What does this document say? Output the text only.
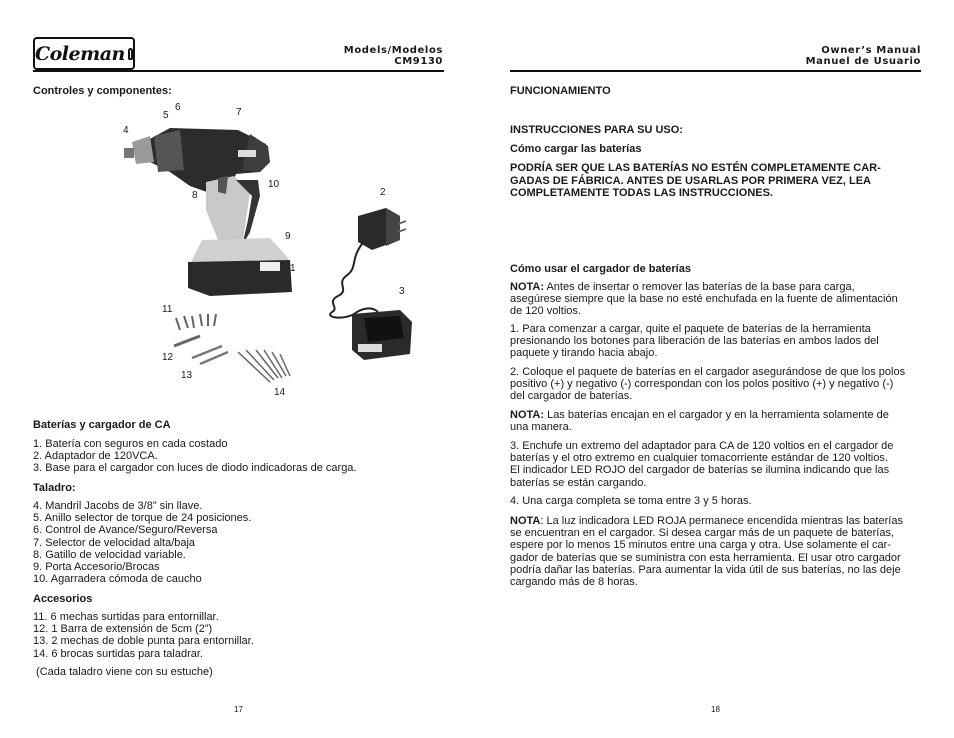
Coleman	Models/Modelos
CM9130
Controles y componentes:
1
2
3
4
5
6	7
8
9
10
11
12
13
14
Baterías y cargador de CA
1. Batería con seguros en cada costado
2. Adaptador de 120VCA.
3. Base para el cargador con luces de diodo indicadoras de carga.
Taladro:
4. Mandril Jacobs de 3/8” sin llave.
5. Anillo selector de torque de 24 posiciones.
6. Control de Avance/Seguro/Reversa
7. Selector de velocidad alta/baja
8. Gatillo de velocidad variable.
9. Porta Accesorio/Brocas
10. Agarradera cómoda de caucho
Accesorios
11. 6 mechas surtidas para entornillar.
12. 1 Barra de extensión de 5cm (2”)
13. 2 mechas de doble punta para entornillar.
14. 6 brocas surtidas para taladrar.
(Cada taladro viene con su estuche)
17
Owner’s Manual
Manuel de Usuario
FUNCIONAMIENTO
INSTRUCCIONES PARA SU USO:
Cómo cargar las baterías
PODRÍA SER QUE LAS BATERÍAS NO ESTÉN COMPLETAMENTE CAR-
GADAS DE FÁBRICA. ANTES DE USARLAS POR PRIMERA VEZ, LEA
COMPLETAMENTE TODAS LAS INSTRUCCIONES.
Cómo usar el cargador de baterías
NOTA: Antes de insertar o remover las baterías de la base para carga,
asegúrese siempre que la base no esté enchufada en la fuente de alimentación
de 120 voltios.
1. Para comenzar a cargar, quite el paquete de baterías de la herramienta
presionando los botones para liberación de las baterías en ambos lados del
paquete y tirando hacia abajo.
2. Coloque el paquete de baterías en el cargador asegurándose de que los polos
positivo (+) y negativo (-) correspondan con los polos positivo (+) y negativo (-)
del cargador de baterías.
NOTA: Las baterías encajan en el cargador y en la herramienta solamente de
una manera.
3. Enchufe un extremo del adaptador para CA de 120 voltios en el cargador de
baterías y el otro extremo en cualquier tomacorriente estándar de 120 voltios.
El indicador LED ROJO del cargador de baterías se ilumina indicando que las
baterías se están cargando.
4. Una carga completa se toma entre 3 y 5 horas.
NOTA: La luz indicadora LED ROJA permanece encendida mientras las baterías
se encuentran en el cargador. Si desea cargar más de un paquete de baterías,
espere por lo menos 15 minutos entre una carga y otra. Use solamente el car-
gador de baterías que se suministra con esta herramienta. El usar otro cargador
podría dañar las baterías. Para aumentar la vida útil de sus baterías, no las deje
cargando más de 8 horas.
18
